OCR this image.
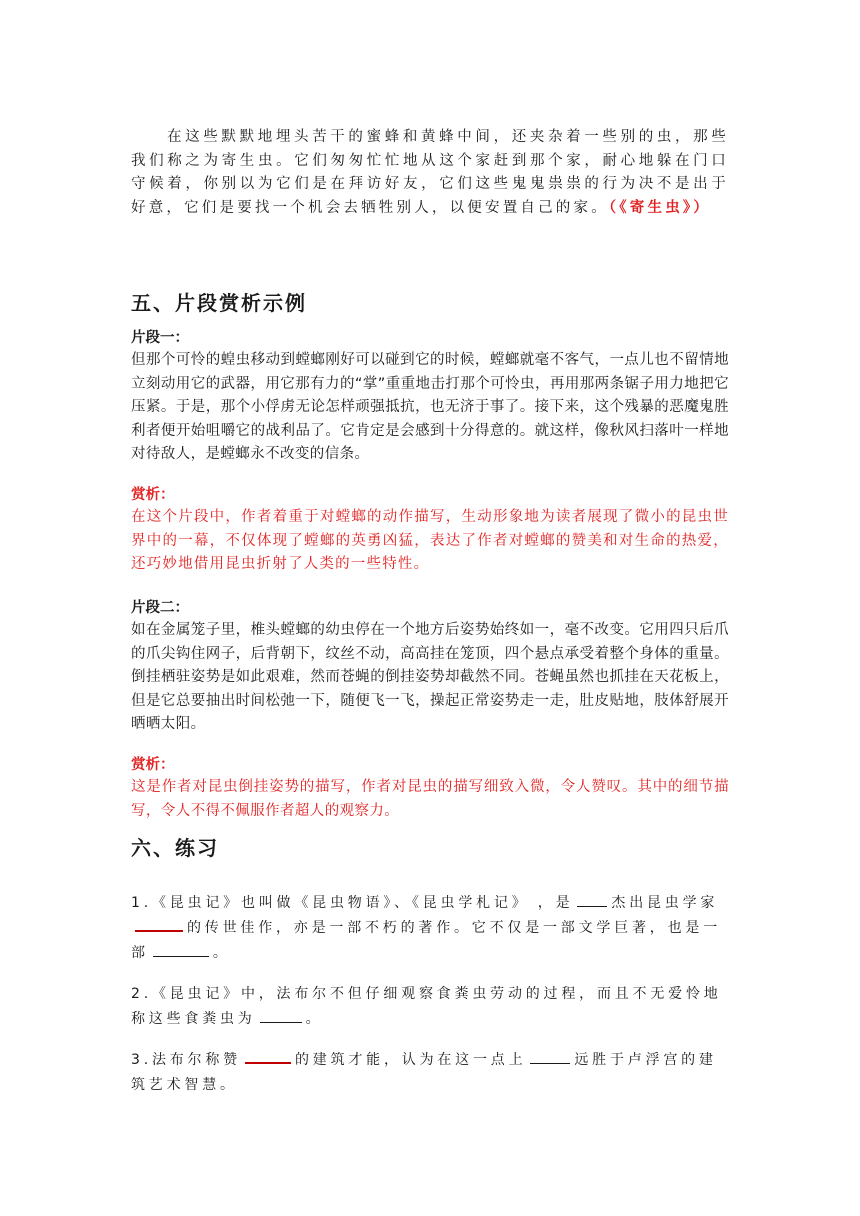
在这些默默地埋头苦干的蜜蜂和黄蜂中间，还夹杂着一些别的虫，那些我们称之为寄生虫。它们匆匆忙忙地从这个家赶到那个家，耐心地躲在门口守候着，你别以为它们是在拜访好友，它们这些鬼鬼祟祟的行为决不是出于好意，它们是要找一个机会去牺牲别人，以便安置自己的家。（《寄生虫》）

五、片段赏析示例

片段一：

但那个可怜的蝗虫移动到螳螂刚好可以碰到它的时候，螳螂就毫不客气，一点儿也不留情地立刻动用它的武器，用它那有力的“掌”重重地击打那个可怜虫，再用那两条锯子用力地把它压紧。于是，那个小俘虏无论怎样顽强抵抗，也无济于事了。接下来，这个残暴的恶魔鬼胜利者便开始咀嚼它的战利品了。它肯定是会感到十分得意的。就这样，像秋风扫落叶一样地对待敌人，是螳螂永不改变的信条。

赏析：

在这个片段中，作者着重于对螳螂的动作描写，生动形象地为读者展现了微小的昆虫世界中的一幕，不仅体现了螳螂的英勇凶猛，表达了作者对螳螂的赞美和对生命的热爱，还巧妙地借用昆虫折射了人类的一些特性。

片段二：

如在金属笼子里，椎头螳螂的幼虫停在一个地方后姿势始终如一，毫不改变。它用四只后爪的爪尖钩住网子，后背朝下，纹丝不动，高高挂在笼顶，四个悬点承受着整个身体的重量。倒挂栖驻姿势是如此艰难，然而苍蝇的倒挂姿势却截然不同。苍蝇虽然也抓挂在天花板上，但是它总要抽出时间松弛一下，随便飞一飞，操起正常姿势走一走，肚皮贴地，肢体舒展开晒晒太阳。

赏析：

这是作者对昆虫倒挂姿势的描写，作者对昆虫的描写细致入微，令人赞叹。其中的细节描写，令人不得不佩服作者超人的观察力。

六、练习

1.《昆虫记》也叫做《昆虫物语》、《昆虫学札记》 ，是	杰出昆虫学家的传世佳作，亦是一部不朽的著作。它不仅是一部文学巨著，也是一部	。

2.《昆虫记》中，法布尔不但仔细观察食粪虫劳动的过程，而且不无爱怜地称这些食粪虫为	。

3.法布尔称赞	的建筑才能，认为在这一点上	远胜于卢浮宫的建筑艺术智慧。
